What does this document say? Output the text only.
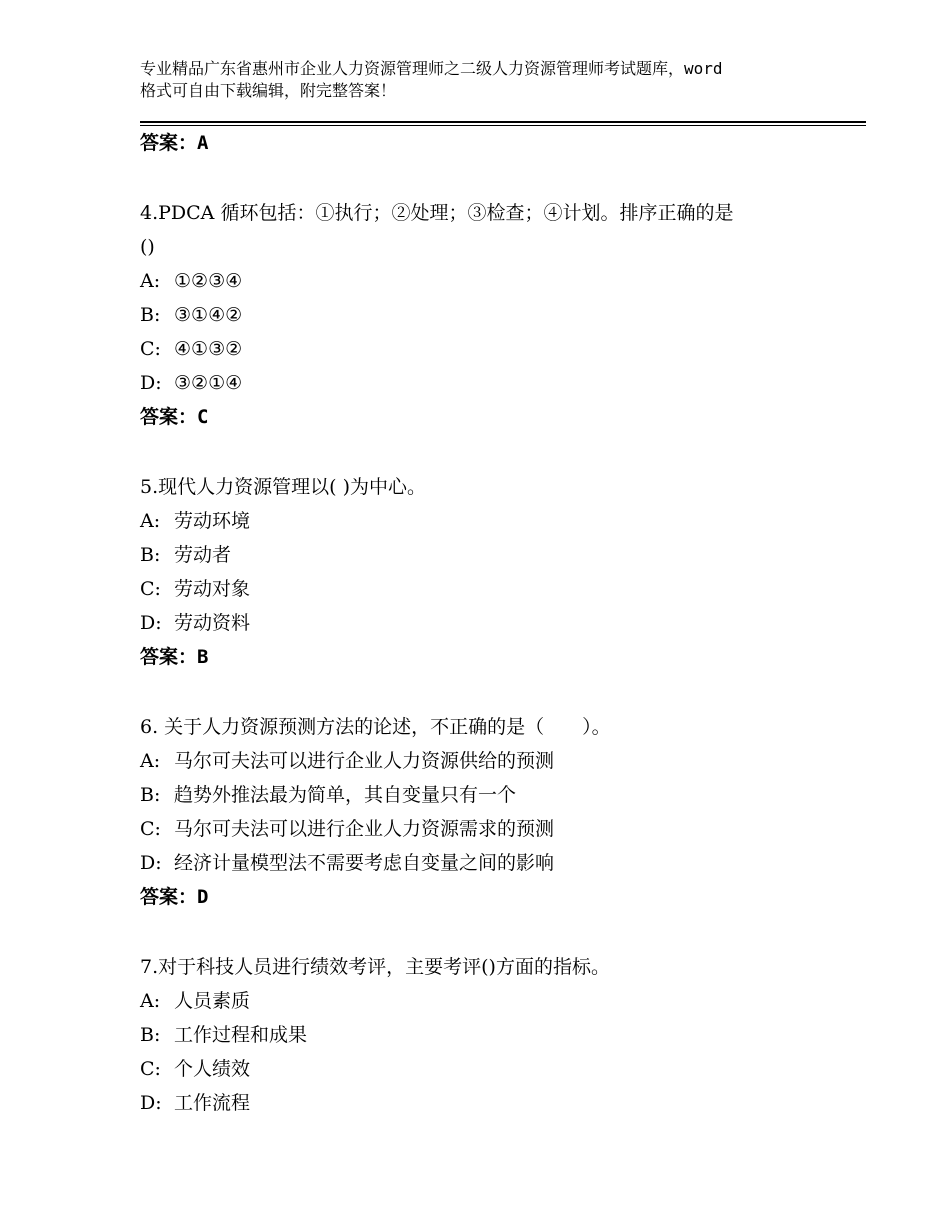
专业精品广东省惠州市企业人力资源管理师之二级人力资源管理师考试题库，word
格式可自由下载编辑，附完整答案！
答案：A
4.PDCA 循环包括：①执行；②处理；③检查；④计划。排序正确的是
()
A: ①②③④
B: ③①④②
C: ④①③②
D: ③②①④
答案：C
5.现代人力资源管理以( )为中心。
A: 劳动环境
B: 劳动者
C: 劳动对象
D: 劳动资料
答案：B
6. 关于人力资源预测方法的论述，不正确的是（　　）。
A: 马尔可夫法可以进行企业人力资源供给的预测
B: 趋势外推法最为简单，其自变量只有一个
C: 马尔可夫法可以进行企业人力资源需求的预测
D: 经济计量模型法不需要考虑自变量之间的影响
答案：D
7.对于科技人员进行绩效考评，主要考评()方面的指标。
A: 人员素质
B: 工作过程和成果
C: 个人绩效
D: 工作流程
